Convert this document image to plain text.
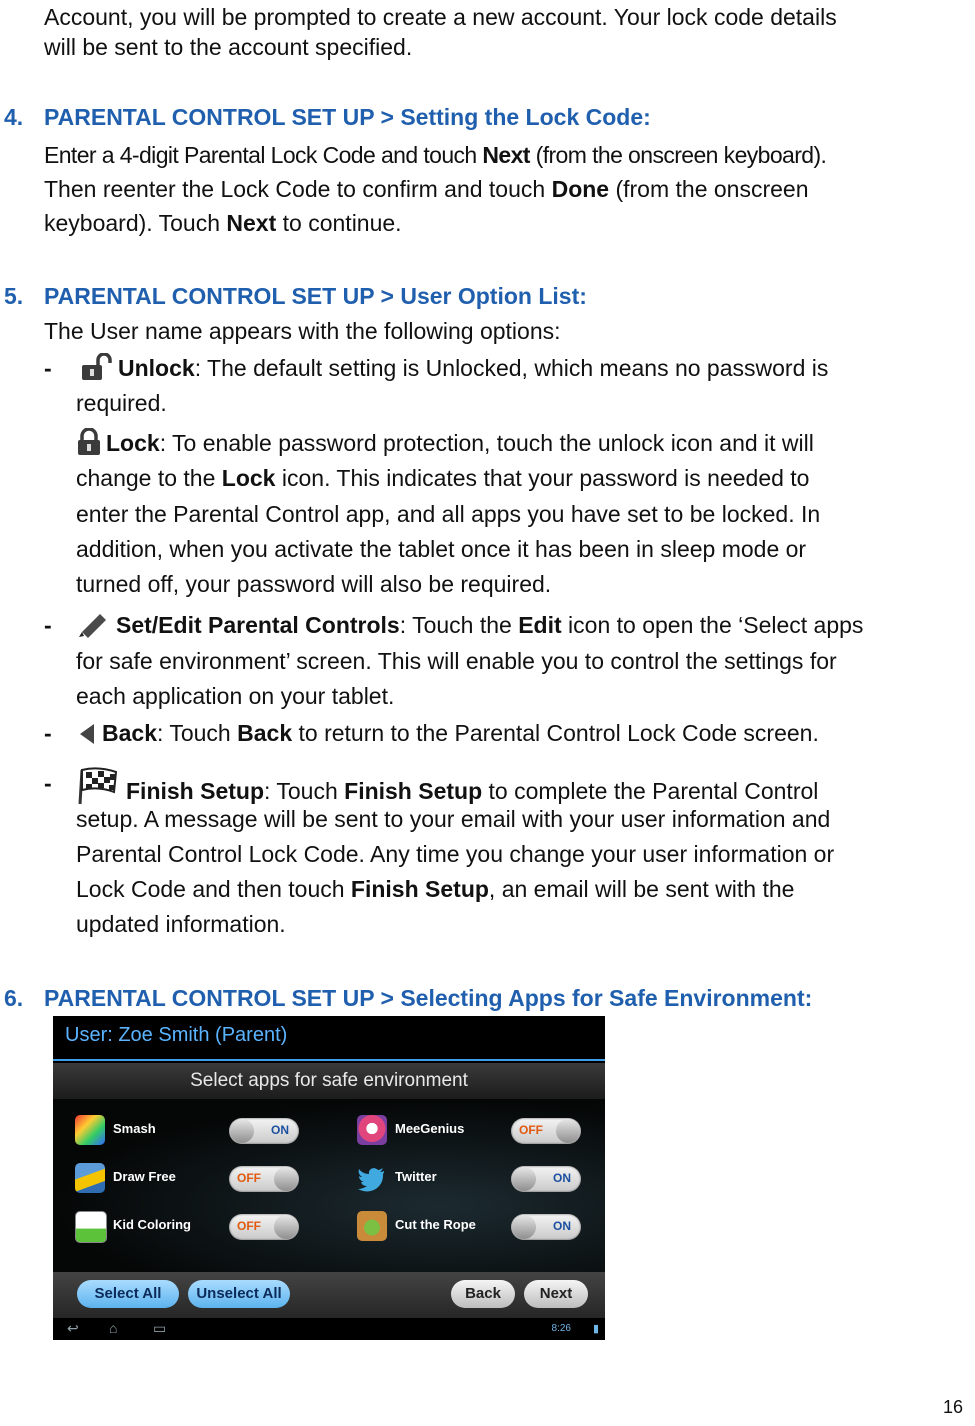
Account, you will be prompted to create a new account. Your lock code details
will be sent to the account specified.
4. PARENTAL CONTROL SET UP > Setting the Lock Code:
Enter a 4-digit Parental Lock Code and touch Next (from the onscreen keyboard).
Then reenter the Lock Code to confirm and touch Done (from the onscreen
keyboard). Touch Next to continue.
5. PARENTAL CONTROL SET UP > User Option List:
The User name appears with the following options:
-	Unlock: The default setting is Unlocked, which means no password is
required.
Lock: To enable password protection, touch the unlock icon and it will
change to the Lock icon. This indicates that your password is needed to
enter the Parental Control app, and all apps you have set to be locked. In
addition, when you activate the tablet once it has been in sleep mode or
turned off, your password will also be required.
-	Set/Edit Parental Controls: Touch the Edit icon to open the ‘Select apps
for safe environment’ screen. This will enable you to control the settings for
each application on your tablet.
-	Back: Touch Back to return to the Parental Control Lock Code screen.
-	Finish Setup: Touch Finish Setup to complete the Parental Control
setup. A message will be sent to your email with your user information and
Parental Control Lock Code. Any time you change your user information or
Lock Code and then touch Finish Setup, an email will be sent with the
updated information.
6. PARENTAL CONTROL SET UP > Selecting Apps for Safe Environment:
User: Zoe Smith (Parent)
Select apps for safe environment
Smash	ON	MeeGenius	OFF
Draw Free	OFF	Twitter	ON
Kid Coloring	OFF	Cut the Rope	ON
Select All	Unselect All	Back	Next
↩ ⌂	▭	8:26 ▮
16
